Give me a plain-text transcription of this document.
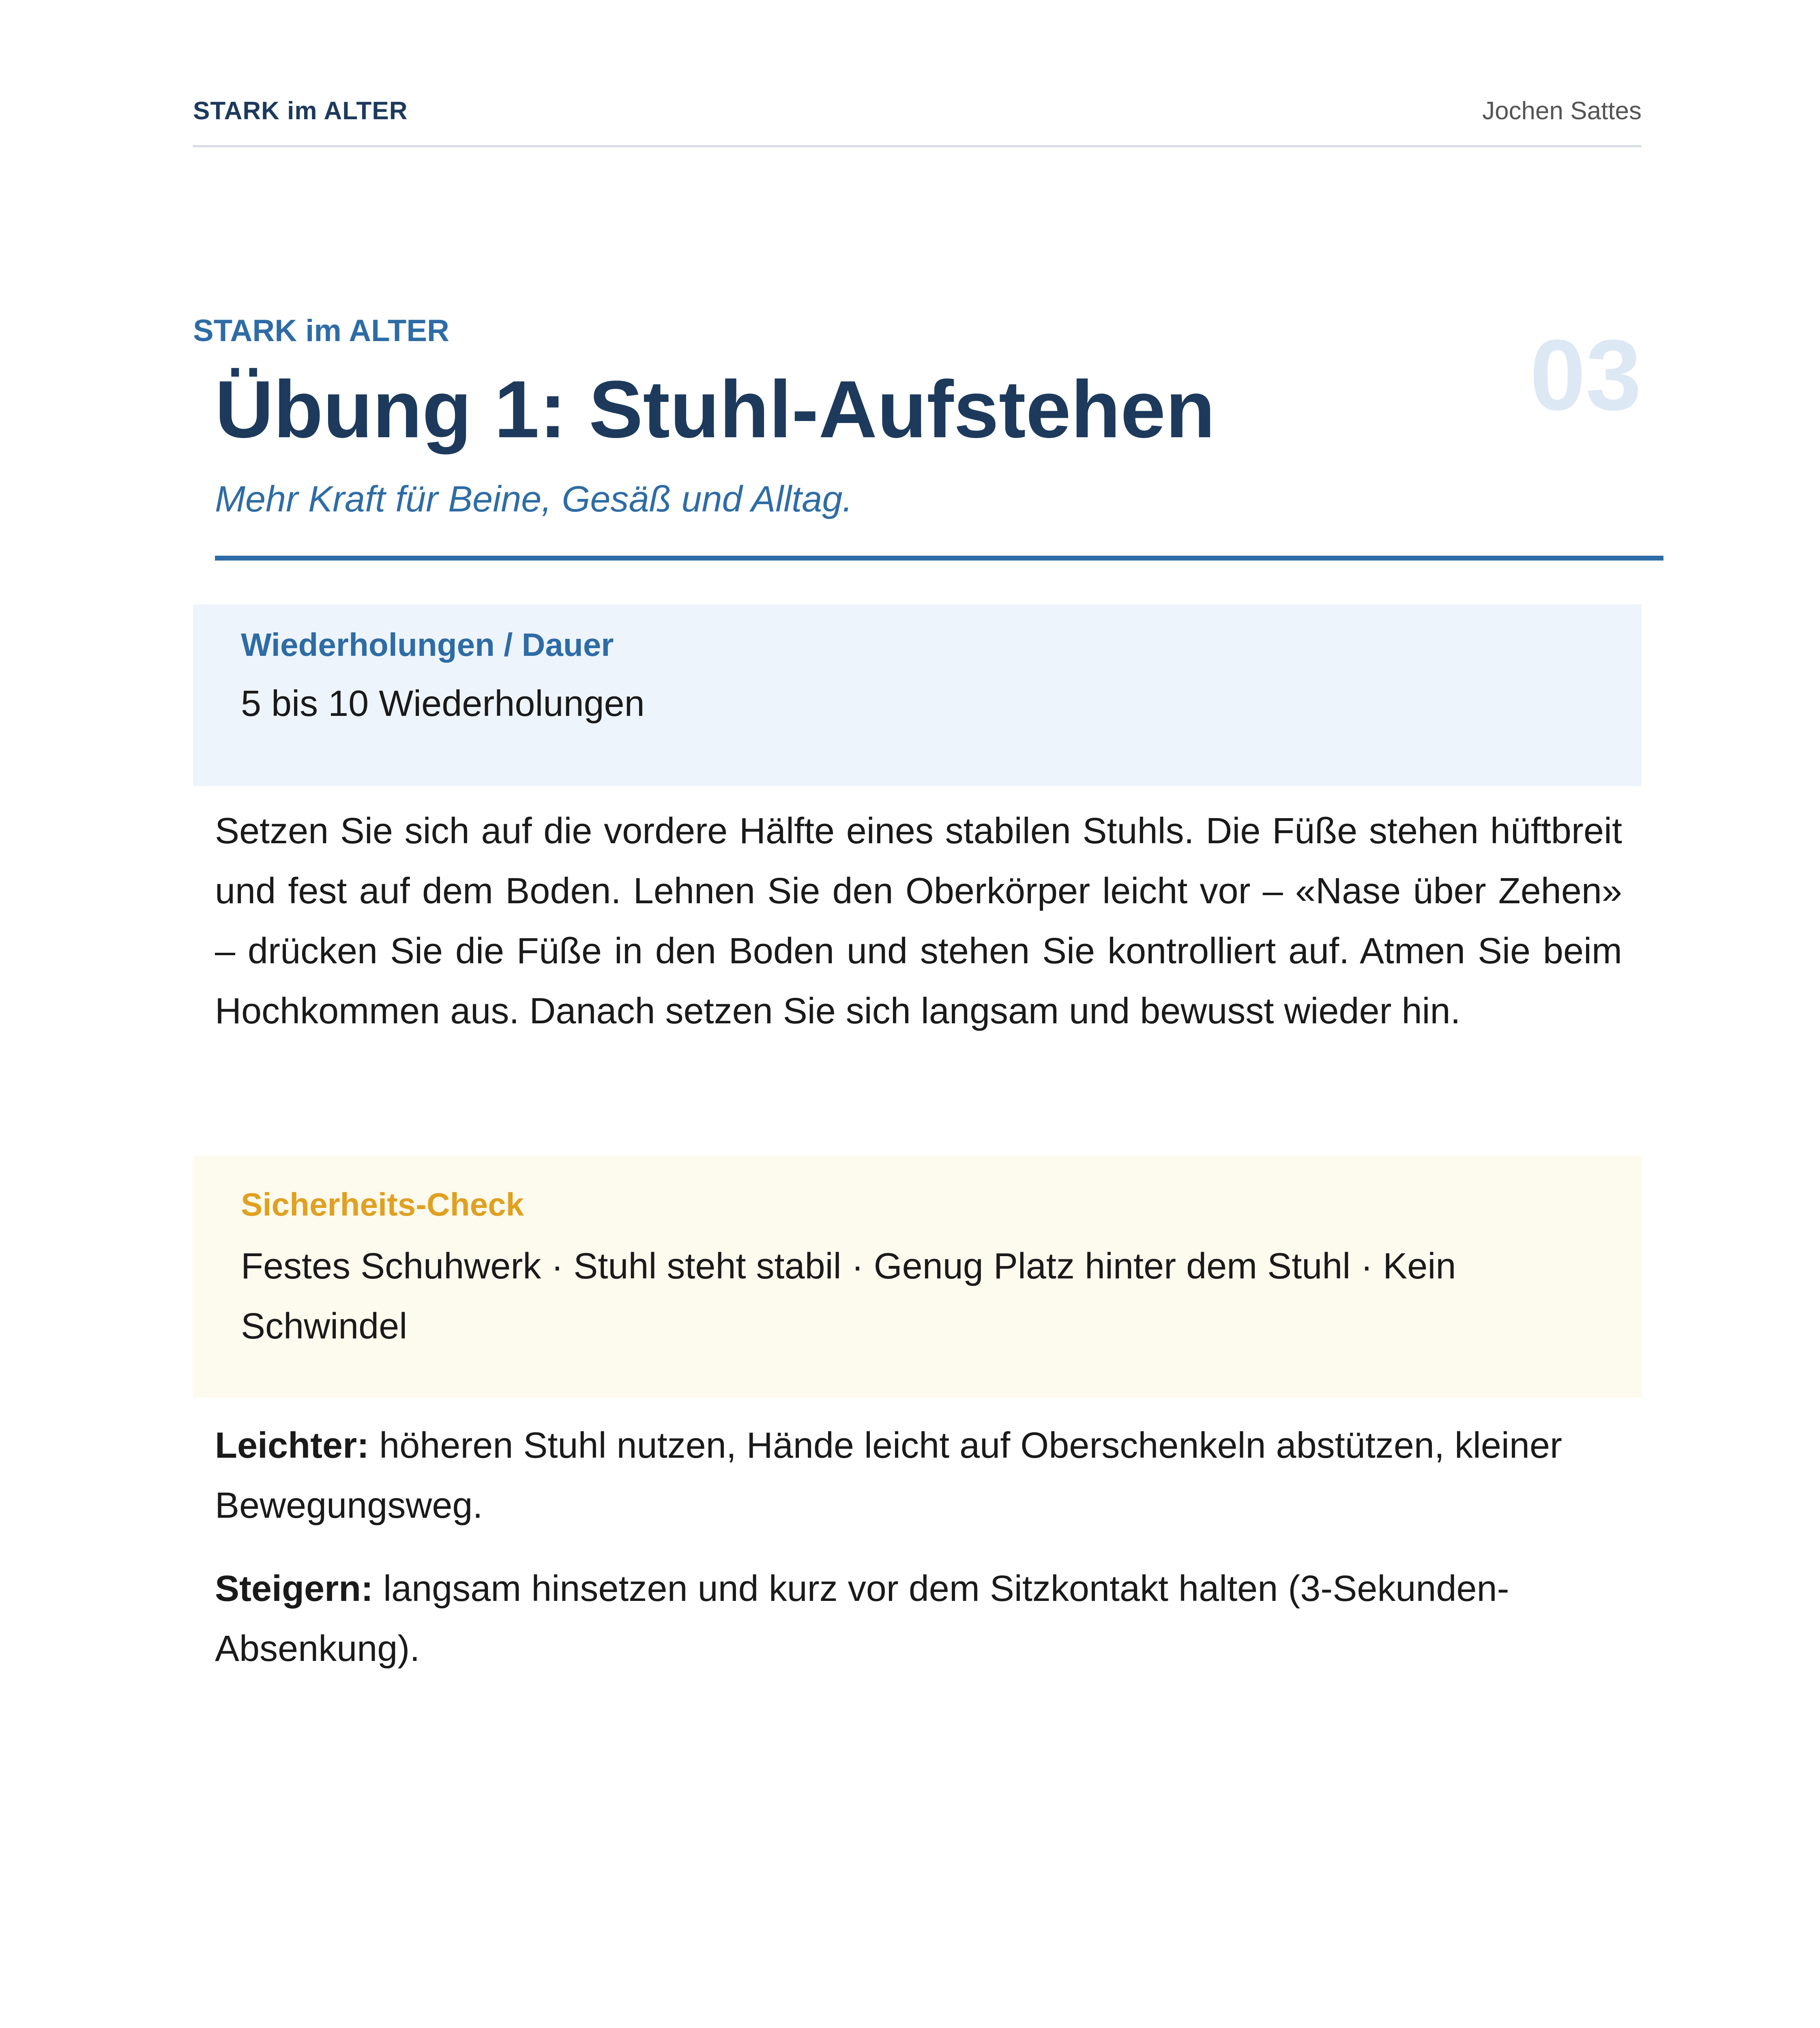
STARK im ALTER	Jochen Sattes
STARK im ALTER	03
Übung 1: Stuhl-Aufstehen
Mehr Kraft für Beine, Gesäß und Alltag.
Wiederholungen / Dauer
5 bis 10 Wiederholungen
Setzen Sie sich auf die vordere Hälfte eines stabilen Stuhls. Die Füße stehen hüftbreit und fest auf dem Boden. Lehnen Sie den Oberkörper leicht vor – «Nase über Zehen» – drücken Sie die Füße in den Boden und stehen Sie kontrolliert auf. Atmen Sie beim Hochkommen aus. Danach setzen Sie sich langsam und bewusst wieder hin.
Sicherheits-Check
Festes Schuhwerk · Stuhl steht stabil · Genug Platz hinter dem Stuhl · Kein Schwindel
Leichter: höheren Stuhl nutzen, Hände leicht auf Oberschenkeln abstützen, kleiner Bewegungsweg.
Steigern: langsam hinsetzen und kurz vor dem Sitzkontakt halten (3-Sekunden-Absenkung).
